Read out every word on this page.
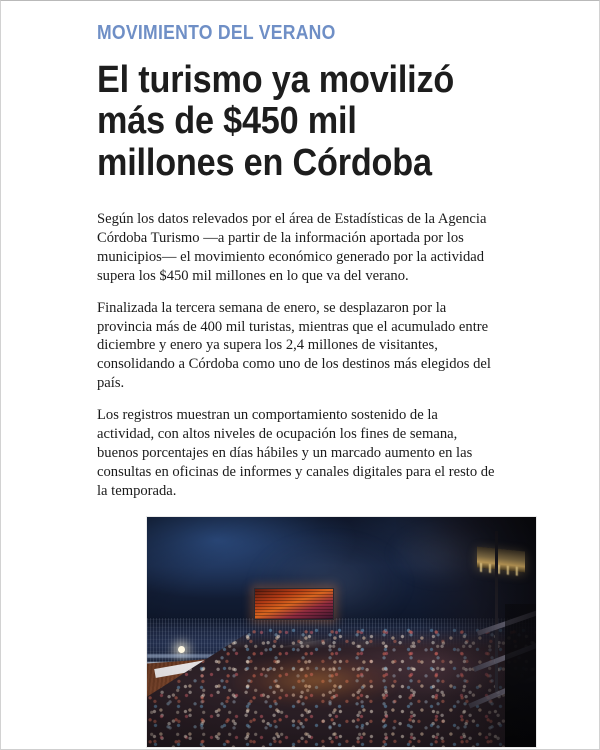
MOVIMIENTO DEL VERANO
El turismo ya movilizó más de $450 mil millones en Córdoba

Según los datos relevados por el área de Estadísticas de la Agencia Córdoba Turismo —a partir de la información aportada por los municipios— el movimiento económico generado por la actividad supera los $450 mil millones en lo que va del verano.

Finalizada la tercera semana de enero, se desplazaron por la provincia más de 400 mil turistas, mientras que el acumulado entre diciembre y enero ya supera los 2,4 millones de visitantes, consolidando a Córdoba como uno de los destinos más elegidos del país.

Los registros muestran un comportamiento sostenido de la actividad, con altos niveles de ocupación los fines de semana, buenos porcentajes en días hábiles y un marcado aumento en las consultas en oficinas de informes y canales digitales para el resto de la temporada.
